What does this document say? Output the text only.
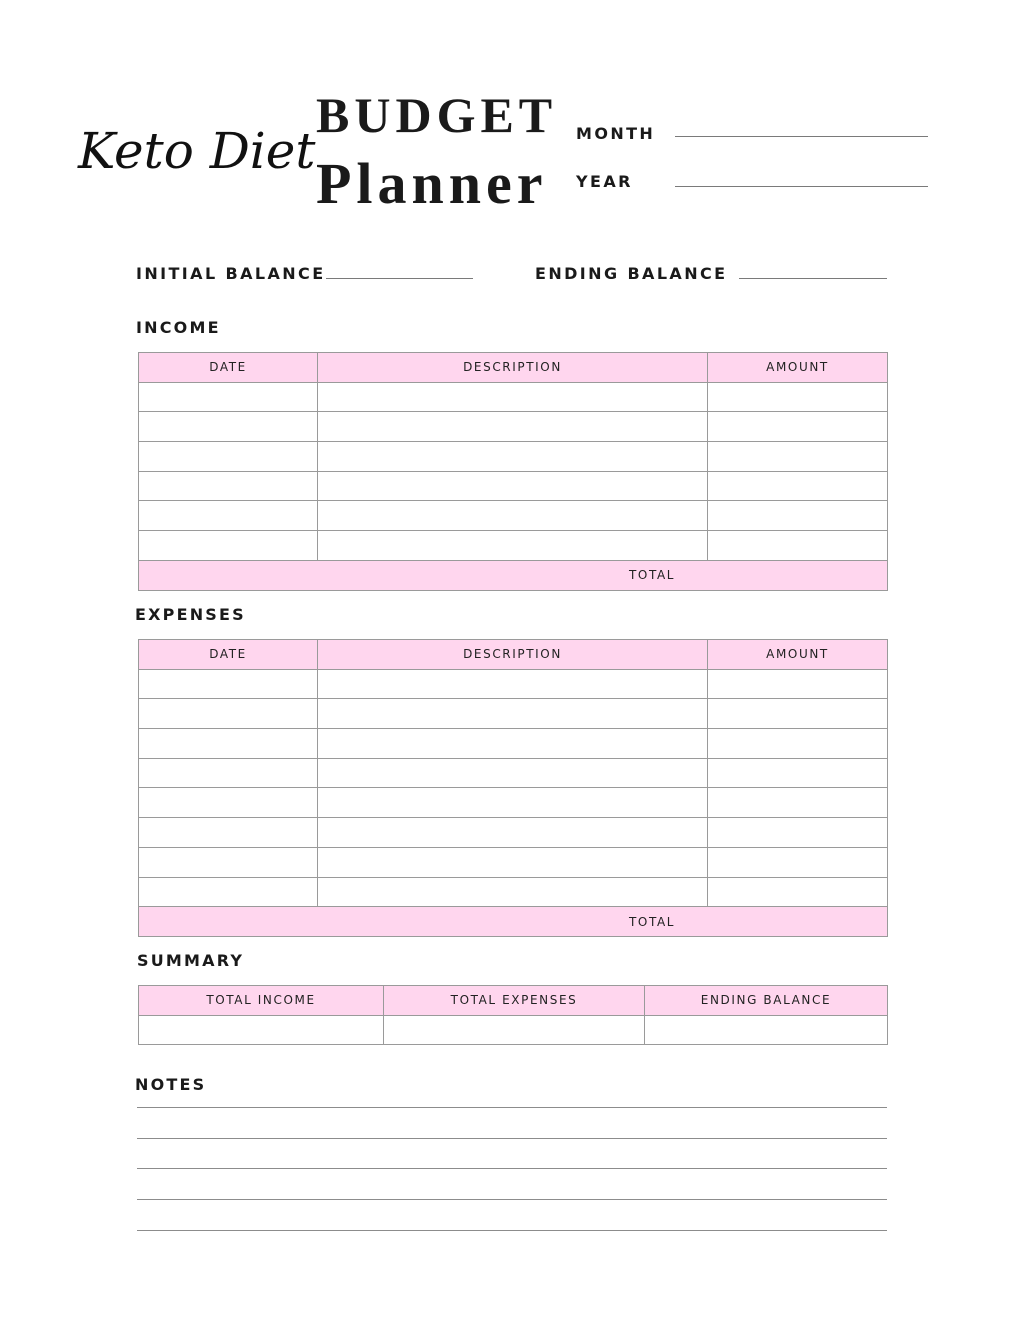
Keto Diet
BUDGET
Planner
MONTH
YEAR
INITIAL BALANCE	ENDING BALANCE
INCOME
DATE	DESCRIPTION	AMOUNT

TOTAL		
EXPENSES
DATE	DESCRIPTION	AMOUNT

TOTAL		
SUMMARY
TOTAL INCOME	TOTAL EXPENSES	ENDING BALANCE

NOTES
